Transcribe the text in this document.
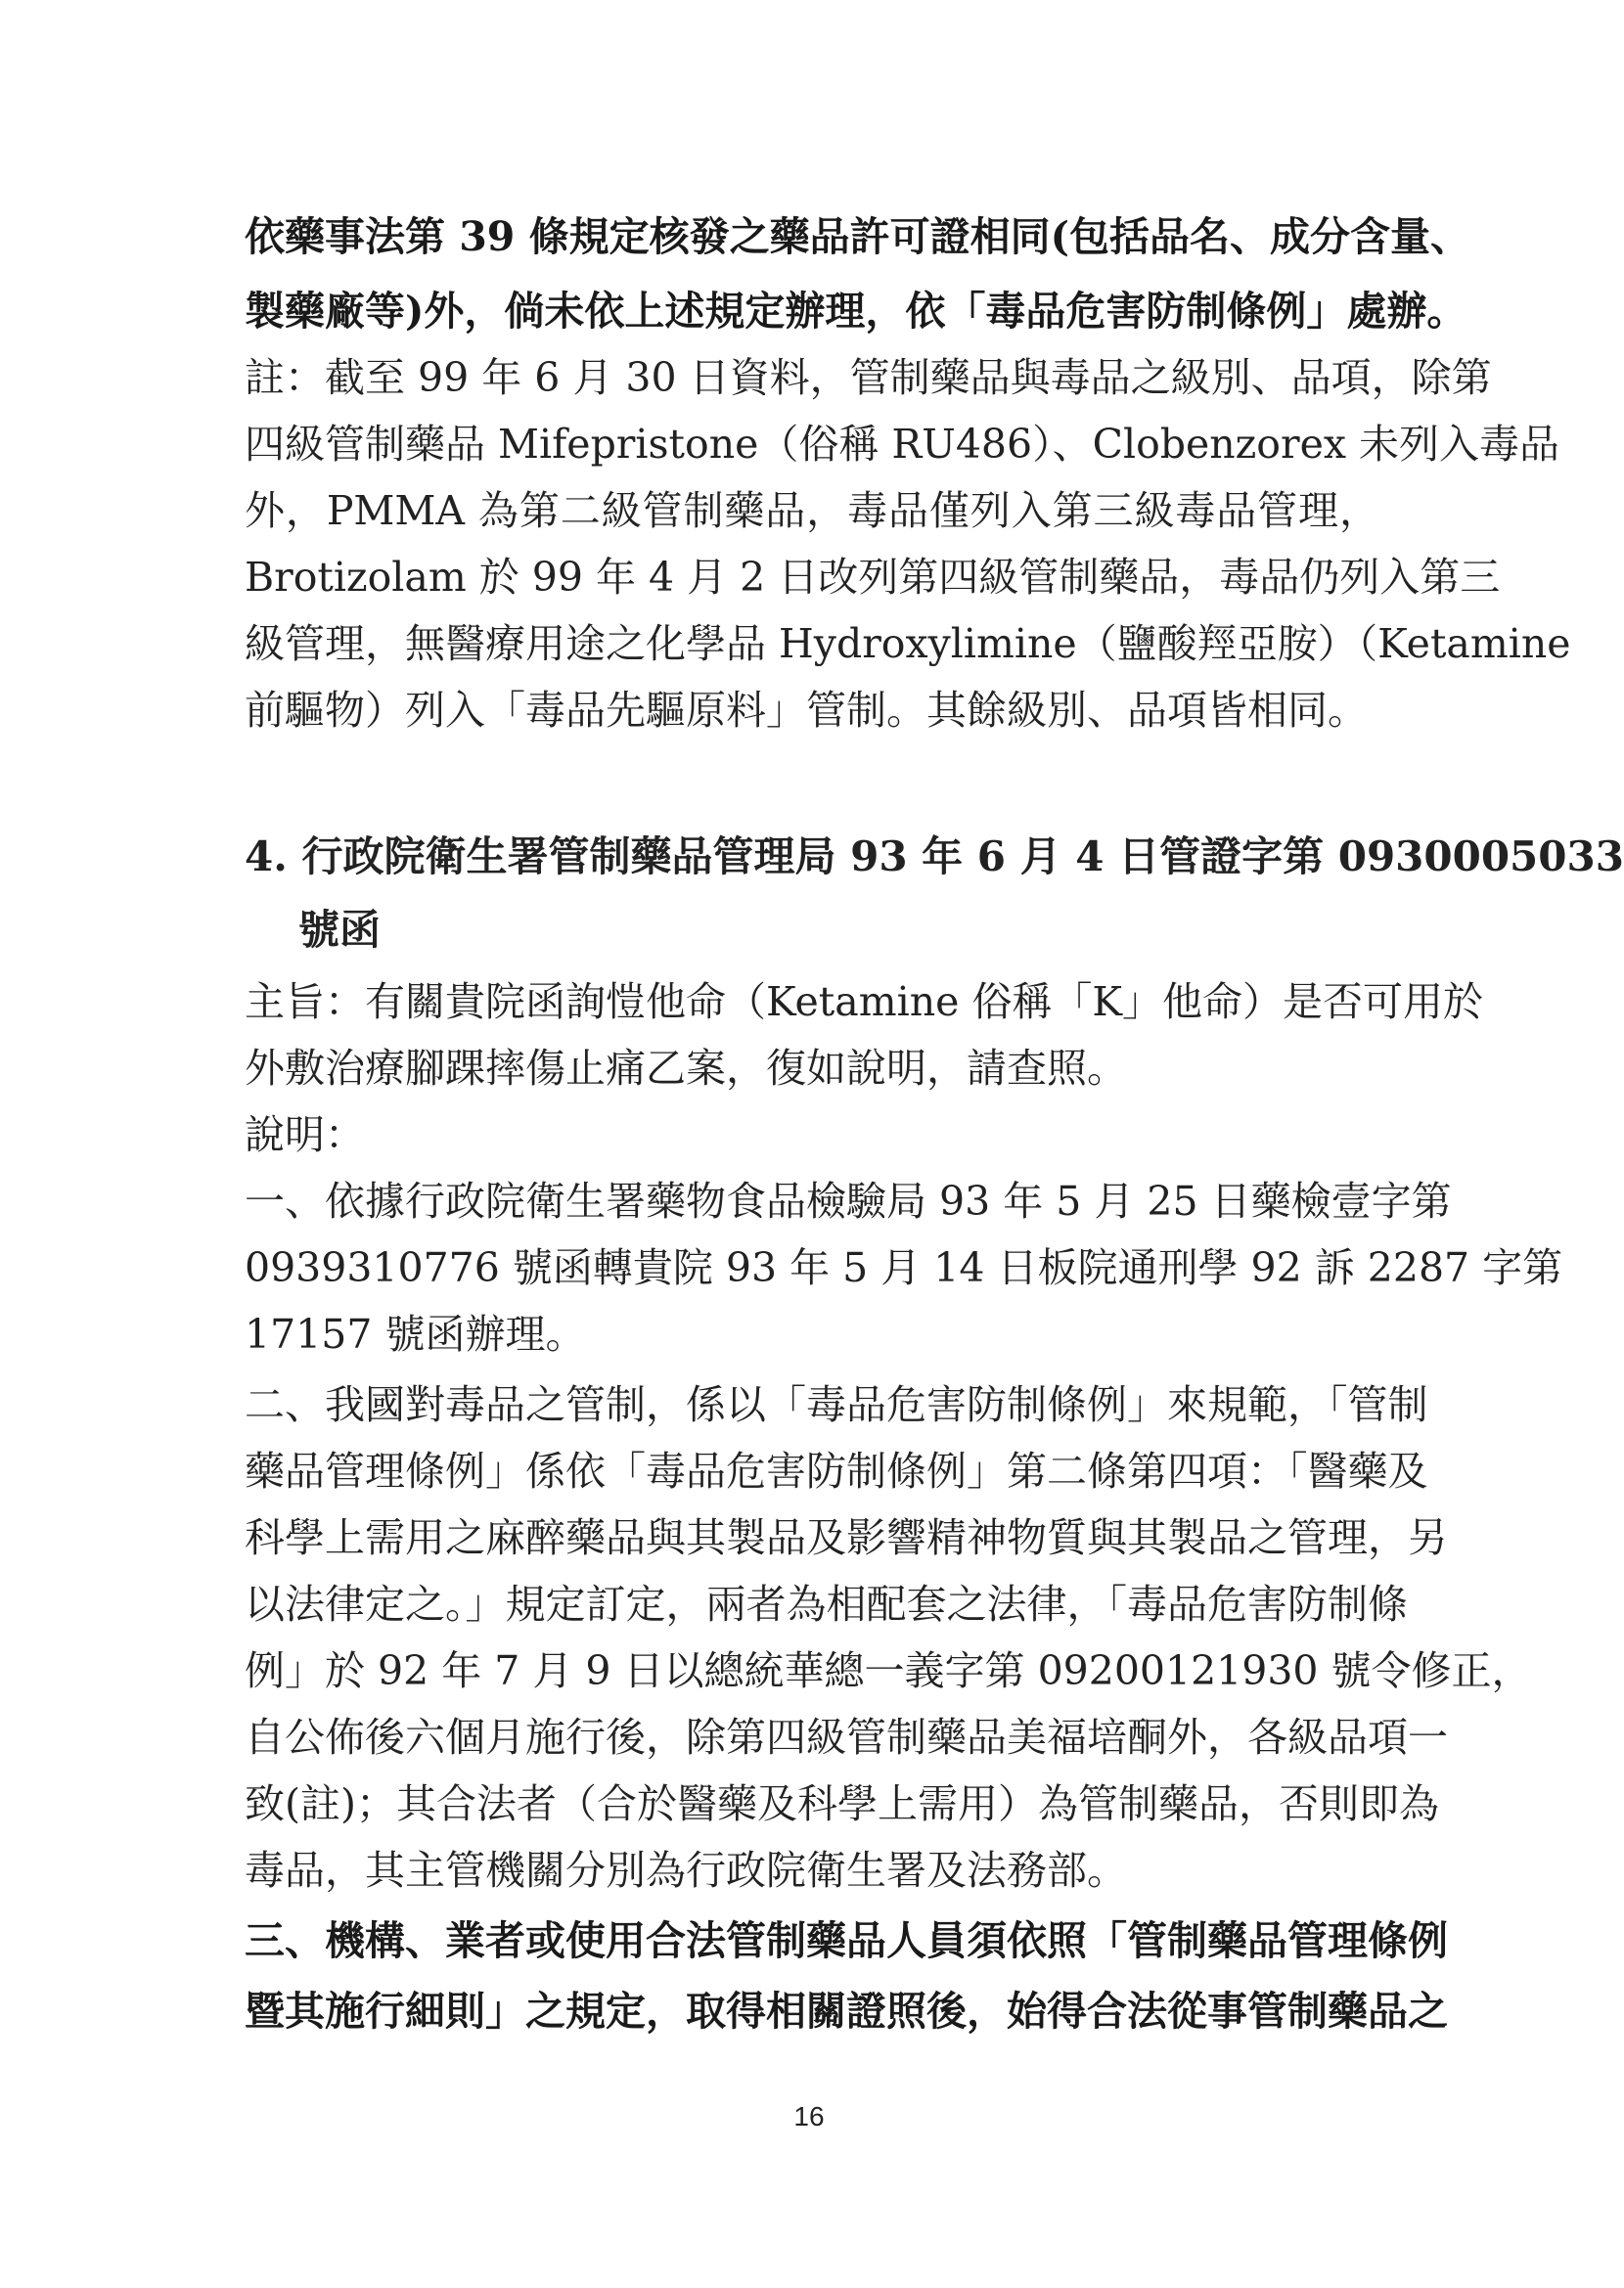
依藥事法第 39 條規定核發之藥品許可證相同(包括品名、成分含量、
製藥廠等)外，倘未依上述規定辦理，依「毒品危害防制條例」處辦。
註：截至 99 年 6 月 30 日資料，管制藥品與毒品之級別、品項，除第
四級管制藥品 Mifepristone（俗稱 RU486）、Clobenzorex 未列入毒品
外，PMMA 為第二級管制藥品，毒品僅列入第三級毒品管理，
Brotizolam 於 99 年 4 月 2 日改列第四級管制藥品，毒品仍列入第三
級管理，無醫療用途之化學品 Hydroxylimine（鹽酸羥亞胺）（Ketamine
前驅物）列入「毒品先驅原料」管制。其餘級別、品項皆相同。
4. 行政院衛生署管制藥品管理局 93 年 6 月 4 日管證字第 0930005033
號函
主旨：有關貴院函詢愷他命（Ketamine 俗稱「K」他命）是否可用於
外敷治療腳踝摔傷止痛乙案，復如說明，請查照。
說明：
一、依據行政院衛生署藥物食品檢驗局 93 年 5 月 25 日藥檢壹字第
0939310776 號函轉貴院 93 年 5 月 14 日板院通刑學 92 訴 2287 字第
17157 號函辦理。
二、我國對毒品之管制，係以「毒品危害防制條例」來規範，「管制
藥品管理條例」係依「毒品危害防制條例」第二條第四項：「醫藥及
科學上需用之麻醉藥品與其製品及影響精神物質與其製品之管理，另
以法律定之。」規定訂定，兩者為相配套之法律，「毒品危害防制條
例」於 92 年 7 月 9 日以總統華總一義字第 09200121930 號令修正，
自公佈後六個月施行後，除第四級管制藥品美福培酮外，各級品項一
致(註)；其合法者（合於醫藥及科學上需用）為管制藥品，否則即為
毒品，其主管機關分別為行政院衛生署及法務部。
三、機構、業者或使用合法管制藥品人員須依照「管制藥品管理條例
暨其施行細則」之規定，取得相關證照後，始得合法從事管制藥品之
16
